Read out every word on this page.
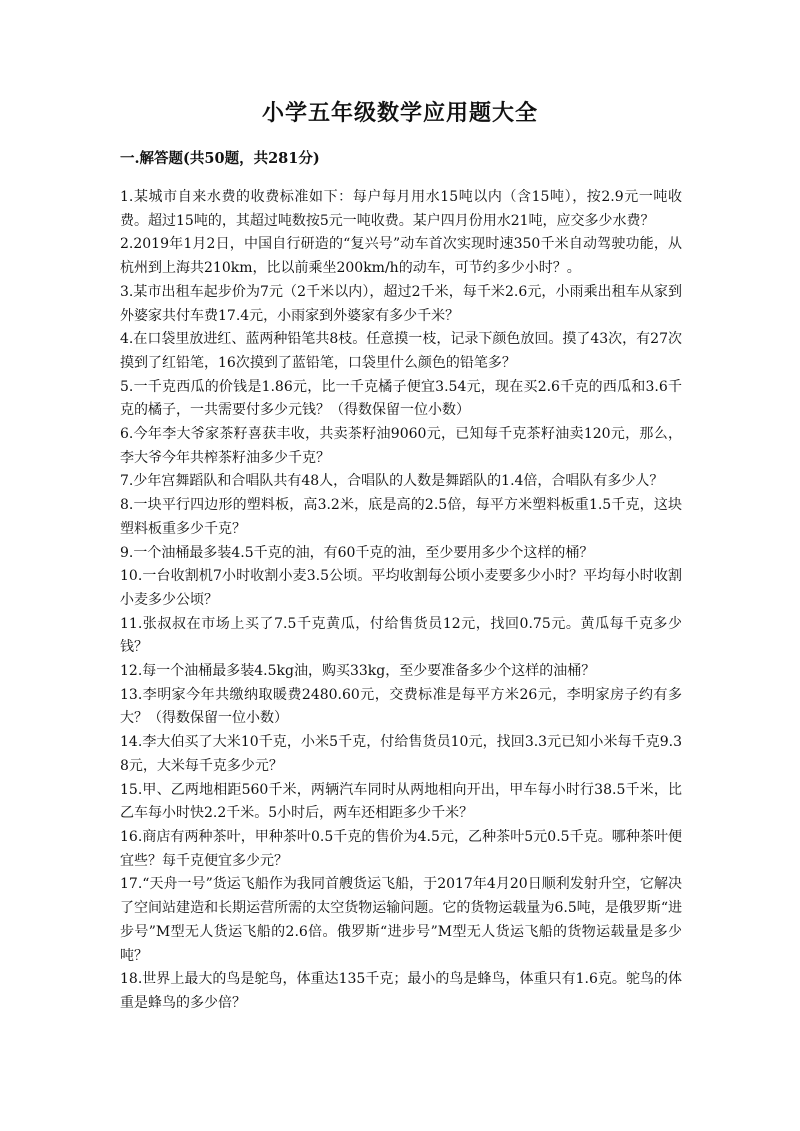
小学五年级数学应用题大全
一.解答题(共50题，共281分)

1.某城市自来水费的收费标准如下：每户每月用水15吨以内（含15吨），按2.9元一吨收费。超过15吨的，其超过吨数按5元一吨收费。某户四月份用水21吨，应交多少水费？

2.2019年1月2日，中国自行研造的“复兴号”动车首次实现时速350千米自动驾驶功能，从杭州到上海共210km，比以前乘坐200km/h的动车，可节约多少小时？。

3.某市出租车起步价为7元（2千米以内），超过2千米，每千米2.6元，小雨乘出租车从家到外婆家共付车费17.4元，小雨家到外婆家有多少千米？

4.在口袋里放进红、蓝两种铅笔共8枝。任意摸一枝，记录下颜色放回。摸了43次，有27次摸到了红铅笔，16次摸到了蓝铅笔，口袋里什么颜色的铅笔多？

5.一千克西瓜的价钱是1.86元，比一千克橘子便宜3.54元，现在买2.6千克的西瓜和3.6千克的橘子，一共需要付多少元钱？（得数保留一位小数）

6.今年李大爷家茶籽喜获丰收，共卖茶籽油9060元，已知每千克茶籽油卖120元，那么，李大爷今年共榨茶籽油多少千克？

7.少年宫舞蹈队和合唱队共有48人，合唱队的人数是舞蹈队的1.4倍，合唱队有多少人？

8.一块平行四边形的塑料板，高3.2米，底是高的2.5倍，每平方米塑料板重1.5千克，这块塑料板重多少千克？

9.一个油桶最多装4.5千克的油，有60千克的油，至少要用多少个这样的桶？

10.一台收割机7小时收割小麦3.5公顷。平均收割每公顷小麦要多少小时？平均每小时收割小麦多少公顷？

11.张叔叔在市场上买了7.5千克黄瓜，付给售货员12元，找回0.75元。黄瓜每千克多少钱？

12.每一个油桶最多装4.5kg油，购买33kg，至少要准备多少个这样的油桶？

13.李明家今年共缴纳取暖费2480.60元，交费标准是每平方米26元，李明家房子约有多大？（得数保留一位小数）

14.李大伯买了大米10千克，小米5千克，付给售货员10元，找回3.3元已知小米每千克9.38元，大米每千克多少元？

15.甲、乙两地相距560千米，两辆汽车同时从两地相向开出，甲车每小时行38.5千米，比乙车每小时快2.2千米。5小时后，两车还相距多少千米？

16.商店有两种茶叶，甲种茶叶0.5千克的售价为4.5元，乙种茶叶5元0.5千克。哪种茶叶便宜些？每千克便宜多少元？

17.“天舟一号”货运飞船作为我同首艘货运飞船，于2017年4月20日顺利发射升空，它解决了空间站建造和长期运营所需的太空货物运输问题。它的货物运载量为6.5吨，是俄罗斯“进步号”M型无人货运飞船的2.6倍。俄罗斯“进步号”M型无人货运飞船的货物运载量是多少吨？

18.世界上最大的鸟是鸵鸟，体重达135千克；最小的鸟是蜂鸟，体重只有1.6克。鸵鸟的体重是蜂鸟的多少倍？
